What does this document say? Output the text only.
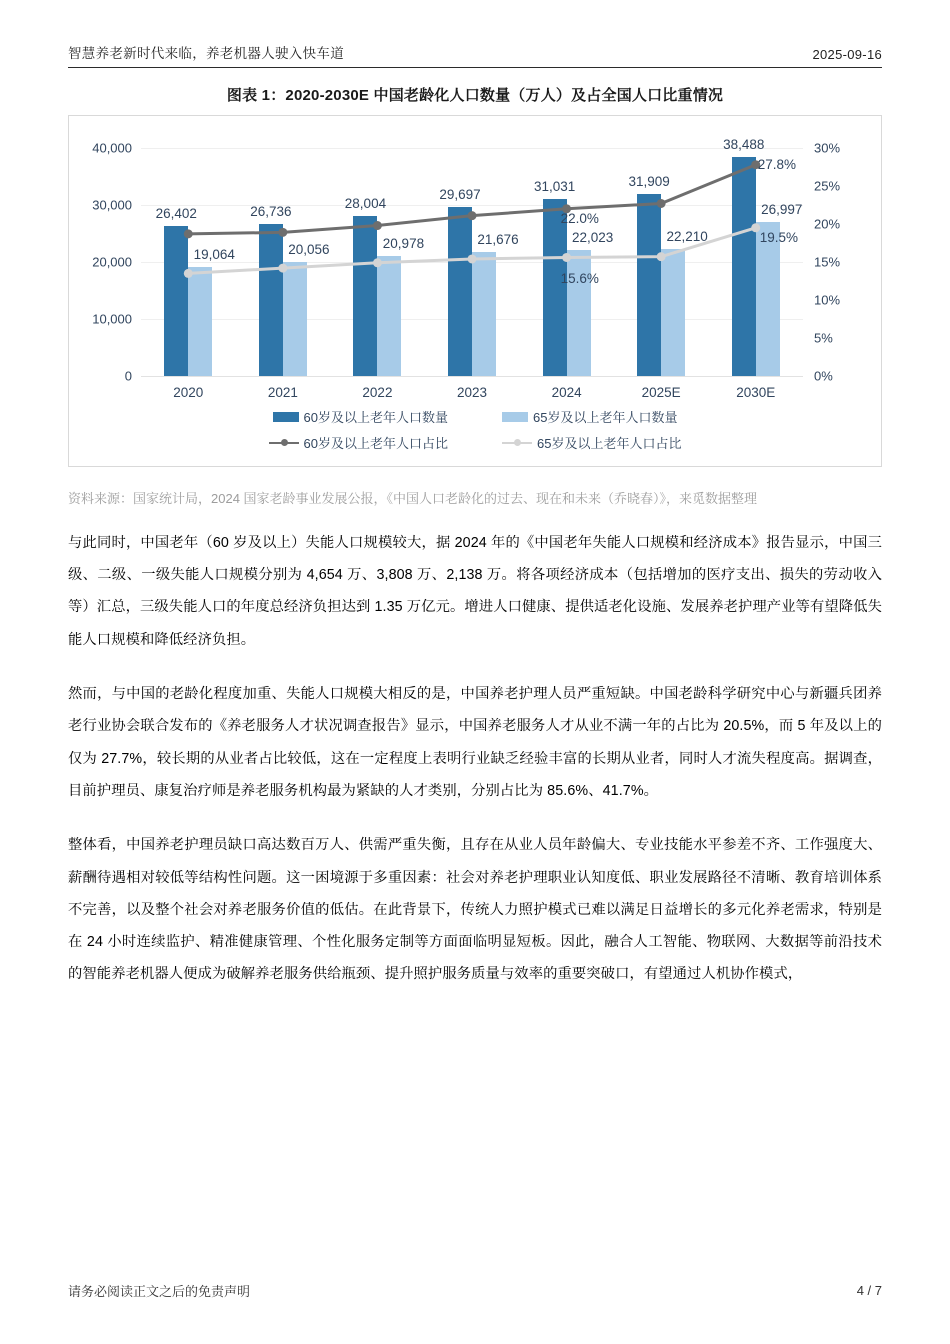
智慧养老新时代来临，养老机器人驶入快车道	2025-09-16
图表 1：2020-2030E 中国老龄化人口数量（万人）及占全国人口比重情况
0
10,000
20,000
30,000
40,000
0%
5%
10%
15%
20%
25%
30%
26,402
19,064
2020
26,736
20,056
2021
28,004
20,978
2022
29,697
21,676
2023
31,031
22,023
2024
31,909
22,210
2025E
38,488
26,997
2030E
22.0%
27.8%
15.6%
19.5%
60岁及以上老年人口数量	65岁及以上老年人口数量
60岁及以上老年人口占比	65岁及以上老年人口占比
资料来源：国家统计局，2024 国家老龄事业发展公报，《中国人口老龄化的过去、现在和未来（乔晓春）》，来觅数据整理

与此同时，中国老年（60 岁及以上）失能人口规模较大，据 2024 年的《中国老年失能人口规模和经济成本》报告显示，中国三级、二级、一级失能人口规模分别为 4,654 万、3,808 万、2,138 万。将各项经济成本（包括增加的医疗支出、损失的劳动收入等）汇总，三级失能人口的年度总经济负担达到 1.35 万亿元。增进人口健康、提供适老化设施、发展养老护理产业等有望降低失能人口规模和降低经济负担。

然而，与中国的老龄化程度加重、失能人口规模大相反的是，中国养老护理人员严重短缺。中国老龄科学研究中心与新疆兵团养老行业协会联合发布的《养老服务人才状况调查报告》显示，中国养老服务人才从业不满一年的占比为 20.5%，而 5 年及以上的仅为 27.7%，较长期的从业者占比较低，这在一定程度上表明行业缺乏经验丰富的长期从业者，同时人才流失程度高。据调查，目前护理员、康复治疗师是养老服务机构最为紧缺的人才类别，分别占比为 85.6%、41.7%。

整体看，中国养老护理员缺口高达数百万人、供需严重失衡，且存在从业人员年龄偏大、专业技能水平参差不齐、工作强度大、薪酬待遇相对较低等结构性问题。这一困境源于多重因素：社会对养老护理职业认知度低、职业发展路径不清晰、教育培训体系不完善，以及整个社会对养老服务价值的低估。在此背景下，传统人力照护模式已难以满足日益增长的多元化养老需求，特别是在 24 小时连续监护、精准健康管理、个性化服务定制等方面面临明显短板。因此，融合人工智能、物联网、大数据等前沿技术的智能养老机器人便成为破解养老服务供给瓶颈、提升照护服务质量与效率的重要突破口，有望通过人机协作模式，

请务必阅读正文之后的免责声明	4 / 7
